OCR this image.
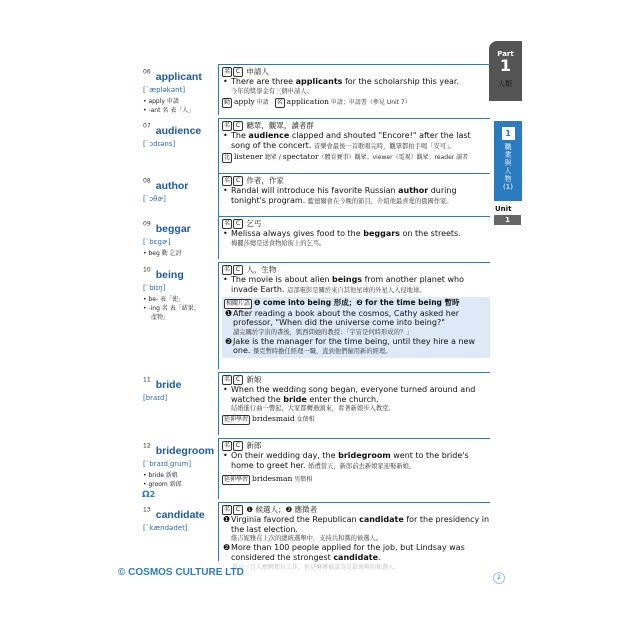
Part
1
人類
1
職業與人物(1)
Unit
1
$^{06}$ applicant
[ˋæpləkənt]
• apply 申請
• -ant 名 表「人」
$^{07}$ audience
[ˋɔdɪəns]
$^{08}$ author
[ˋɔθɚ]
$^{09}$ beggar
[ˋbɛgɚ]
• beg 動 乞討
$^{10}$ being
[ˋbiɪŋ]
• be- 表「使」
• -ing 名 表「結果、
產物」
$^{11}$ bride
[braɪd]
$^{12}$ bridegroom
[ˋbraɪd͵grum]
• bride 新娘
• groom 新郎
Ω2
$^{13}$ candidate
[ˋkændədet]
名 C 申請人
• There are three applicants for the scholarship this year.
今年的獎學金有三個申請人。
動 apply 申請　名 application 申請；申請書（參見 Unit 7）
名 C 聽眾，觀眾，讀者群
• The audience clapped and shouted "Encore!" after the last song of the concert. 音樂會最後一首歌唱完時，觀眾都拍手喝「安可」。
比 listener 聽眾 / spectator（體育賽事）觀眾；viewer（電視）觀眾；reader 讀者
名 C 作者，作家
• Randal will introduce his favorite Russian author during tonight's program. 藍德爾會在今晚的節目，介紹他最喜愛的俄國作家。
名 C 乞丐
• Melissa always gives food to the beggars on the streets.
梅麗莎總是送食物給街上的乞丐。
名 C 人，生物
• The movie is about alien beings from another planet who invade Earth. 這部電影是關於來自其他星球的外星人入侵地球。
相關片語 ❶ come into being 形成；❷ for the time being 暫時
❶ After reading a book about the cosmos, Cathy asked her professor, "When did the universe come into being?"
讀完關於宇宙的書後，凱西問她的教授：「宇宙是何時形成的？」
❷ Jake is the manager for the time being, until they hire a new one. 傑克暫時擔任經理一職，直到他們僱用新的經理。
名 C 新娘
• When the wedding song began, everyone turned around and watched the bride enter the church.
結婚進行曲一響起，大家都轉過頭來，看著新娘步入教堂。
延伸學習 bridesmaid 女儐相
名 C 新郎
• On their wedding day, the bridegroom went to the bride's home to greet her. 婚禮當天，新郎前去新娘家迎娶新娘。
延伸學習 bridesman 男儐相
名 C ❶ 候選人；❷ 應徵者
❶ Virginia favored the Republican candidate for the presidency in the last election.
維吉妮雅在上次的總統選舉中，支持共和黨的候選人。
❷ More than 100 people applied for the job, but Lindsay was considered the strongest candidate.
我這一百人應聘那份工作，但是琳賽被認為是最強勢的候選人。
© COSMOS CULTURE LTD	2
